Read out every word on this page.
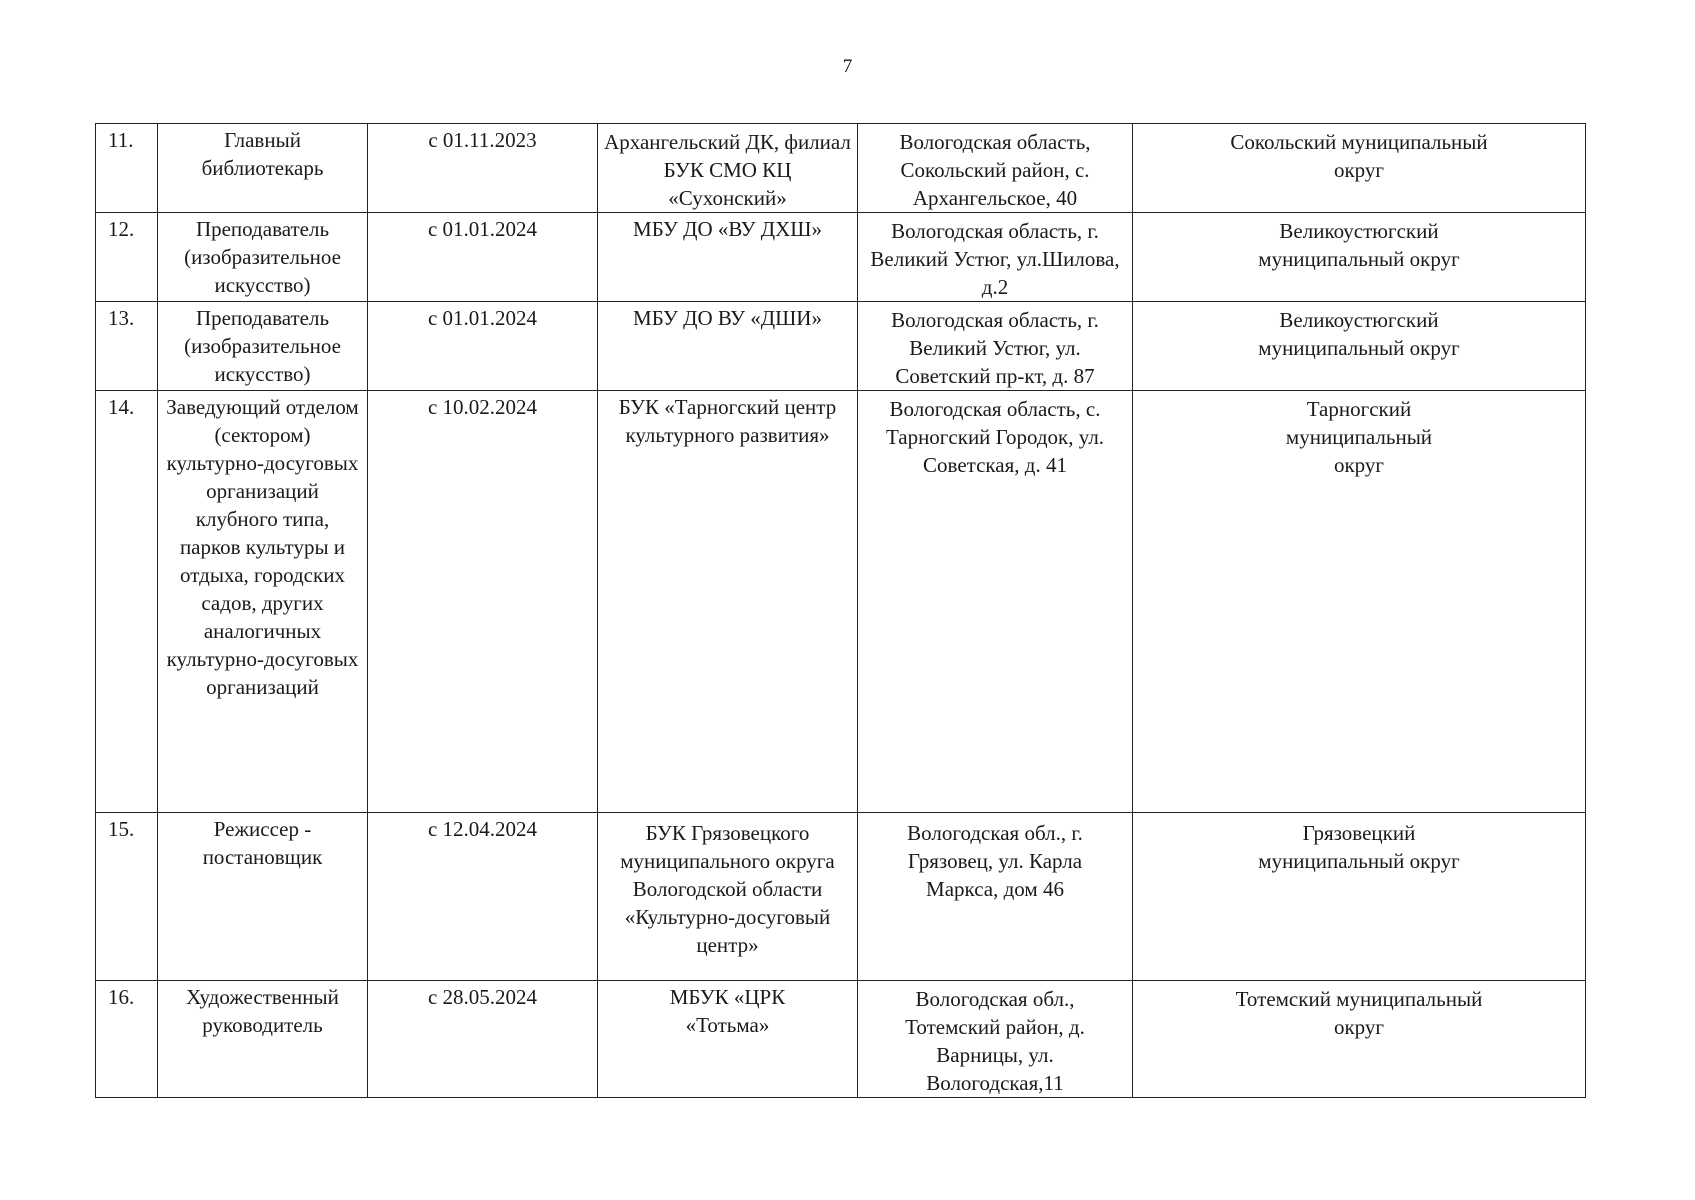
7
11.	Главный библиотекарь	с 01.11.2023	Архангельский ДК, филиал БУК СМО КЦ «Сухонский»	Вологодская область, Сокольский район, с. Архангельское, 40	Сокольский муниципальный округ

12.	Преподаватель (изобразительное искусство)	с 01.01.2024	МБУ ДО «ВУ ДХШ»	Вологодская область, г. Великий Устюг, ул.Шилова, д.2	Великоустюгский муниципальный округ

13.	Преподаватель (изобразительное искусство)	с 01.01.2024	МБУ ДО ВУ «ДШИ»	Вологодская область, г. Великий Устюг, ул. Советский пр-кт, д. 87	Великоустюгский муниципальный округ

14.	Заведующий отделом (сектором) культурно-досуговых организаций клубного типа, парков культуры и отдыха, городских садов, других аналогичных культурно-досуговых организаций	с 10.02.2024	БУК «Тарногский центр культурного развития»	Вологодская область, с. Тарногский Городок, ул. Советская, д. 41	Тарногский муниципальный округ

15.	Режиссер - постановщик	с 12.04.2024	БУК Грязовецкого муниципального округа Вологодской области «Культурно-досуговый центр»	Вологодская обл., г. Грязовец, ул. Карла Маркса, дом 46	Грязовецкий муниципальный округ

16.	Художественный руководитель	с 28.05.2024	МБУК «ЦРК «Тотьма»	Вологодская обл., Тотемский район, д. Варницы, ул. Вологодская,11	Тотемский муниципальный округ
